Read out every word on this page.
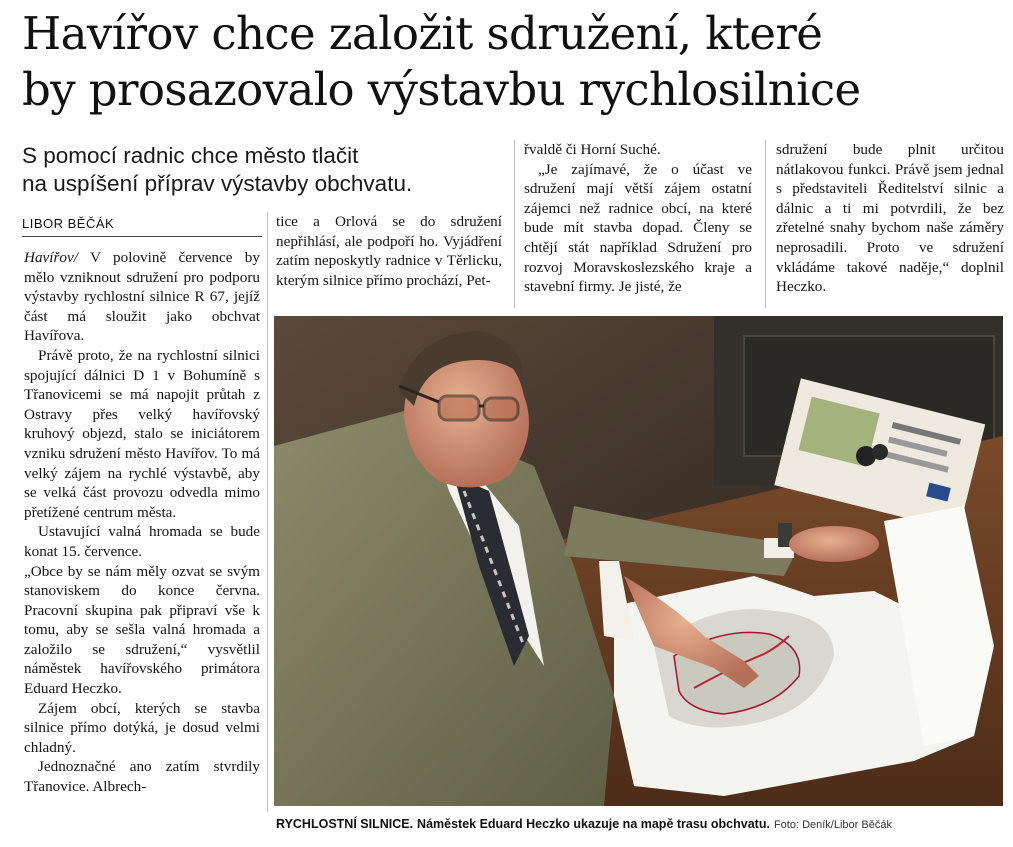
Havířov chce založit sdružení, které
by prosazovalo výstavbu rychlosilnice
S pomocí radnic chce město tlačit
na uspíšení příprav výstavby obchvatu.
LIBOR BĚČÁK

Havířov/ V polovině července by mělo vzniknout sdružení pro podporu výstavby rychlostní silnice R 67, jejíž část má sloužit jako obchvat Havířova.

Právě proto, že na rychlostní silnici spojující dálnici D 1 v Bohumíně s Třanovicemi se má napojit průtah z Ostravy přes velký havířovský kruhový objezd, stalo se iniciátorem vzniku sdružení město Havířov. To má velký zájem na rychlé výstavbě, aby se velká část provozu odvedla mimo přetížené centrum města.

Ustavující valná hromada se bude konat 15. července.

„Obce by se nám měly ozvat se svým stanoviskem do konce června. Pracovní skupina pak připraví vše k tomu, aby se sešla valná hromada a založilo se sdružení,“ vysvětlil náměstek havířovského primátora Eduard Heczko.

Zájem obcí, kterých se stavba silnice přímo dotýká, je dosud velmi chladný.

Jednoznačné ano zatím stvrdily Třanovice. Albrech-

tice a Orlová se do sdružení nepřihlásí, ale podpoří ho. Vyjádření zatím neposkytly radnice v Těrlicku, kterým silnice přímo prochází, Pet-

řvaldě či Horní Suché.

„Je zajímavé, že o účast ve sdružení mají větší zájem ostatní zájemci než radnice obcí, na které bude mít stavba dopad. Členy se chtějí stát například Sdružení pro rozvoj Moravskoslezského kraje a stavební firmy. Je jisté, že

sdružení bude plnit určitou nátlakovou funkci. Právě jsem jednal s představiteli Ředitelství silnic a dálnic a ti mi potvrdili, že bez zřetelné snahy bychom naše záměry neprosadili. Proto ve sdružení vkládáme takové naděje,“ doplnil Heczko.

RYCHLOSTNÍ SILNICE. Náměstek Eduard Heczko ukazuje na mapě trasu obchvatu. Foto: Deník/Libor Běčák
